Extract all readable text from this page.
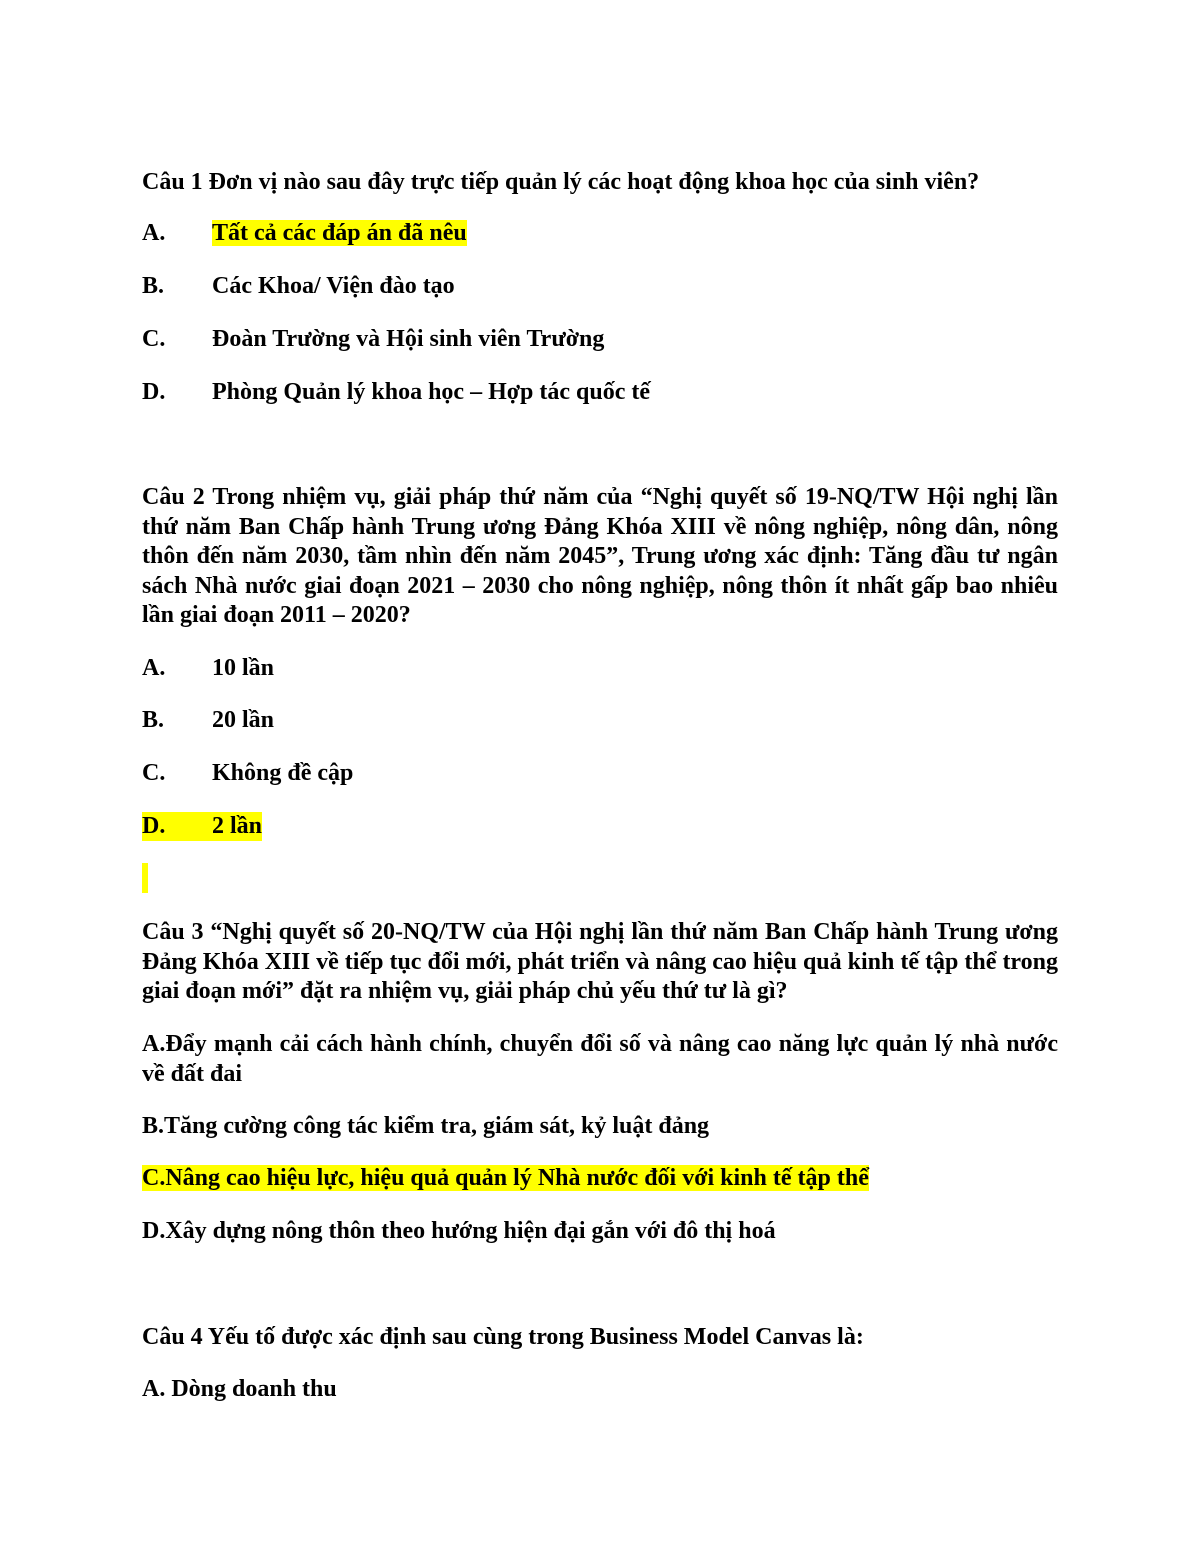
Câu 1 Đơn vị nào sau đây trực tiếp quản lý các hoạt động khoa học của sinh viên?
A. Tất cả các đáp án đã nêu
B. Các Khoa/ Viện đào tạo
C. Đoàn Trường và Hội sinh viên Trường
D. Phòng Quản lý khoa học – Hợp tác quốc tế
Câu 2 Trong nhiệm vụ, giải pháp thứ năm của “Nghị quyết số 19-NQ/TW Hội nghị lần thứ năm Ban Chấp hành Trung ương Đảng Khóa XIII về nông nghiệp, nông dân, nông thôn đến năm 2030, tầm nhìn đến năm 2045”, Trung ương xác định: Tăng đầu tư ngân sách Nhà nước giai đoạn 2021 – 2030 cho nông nghiệp, nông thôn ít nhất gấp bao nhiêu lần giai đoạn 2011 – 2020?
A. 10 lần
B. 20 lần
C. Không đề cập
D. 2 lần
Câu 3 “Nghị quyết số 20-NQ/TW của Hội nghị lần thứ năm Ban Chấp hành Trung ương Đảng Khóa XIII về tiếp tục đổi mới, phát triển và nâng cao hiệu quả kinh tế tập thể trong giai đoạn mới” đặt ra nhiệm vụ, giải pháp chủ yếu thứ tư là gì?
A.Đẩy mạnh cải cách hành chính, chuyển đổi số và nâng cao năng lực quản lý nhà nước về đất đai
B.Tăng cường công tác kiểm tra, giám sát, kỷ luật đảng
C.Nâng cao hiệu lực, hiệu quả quản lý Nhà nước đối với kinh tế tập thể
D.Xây dựng nông thôn theo hướng hiện đại gắn với đô thị hoá
Câu 4 Yếu tố được xác định sau cùng trong Business Model Canvas là:
A. Dòng doanh thu
